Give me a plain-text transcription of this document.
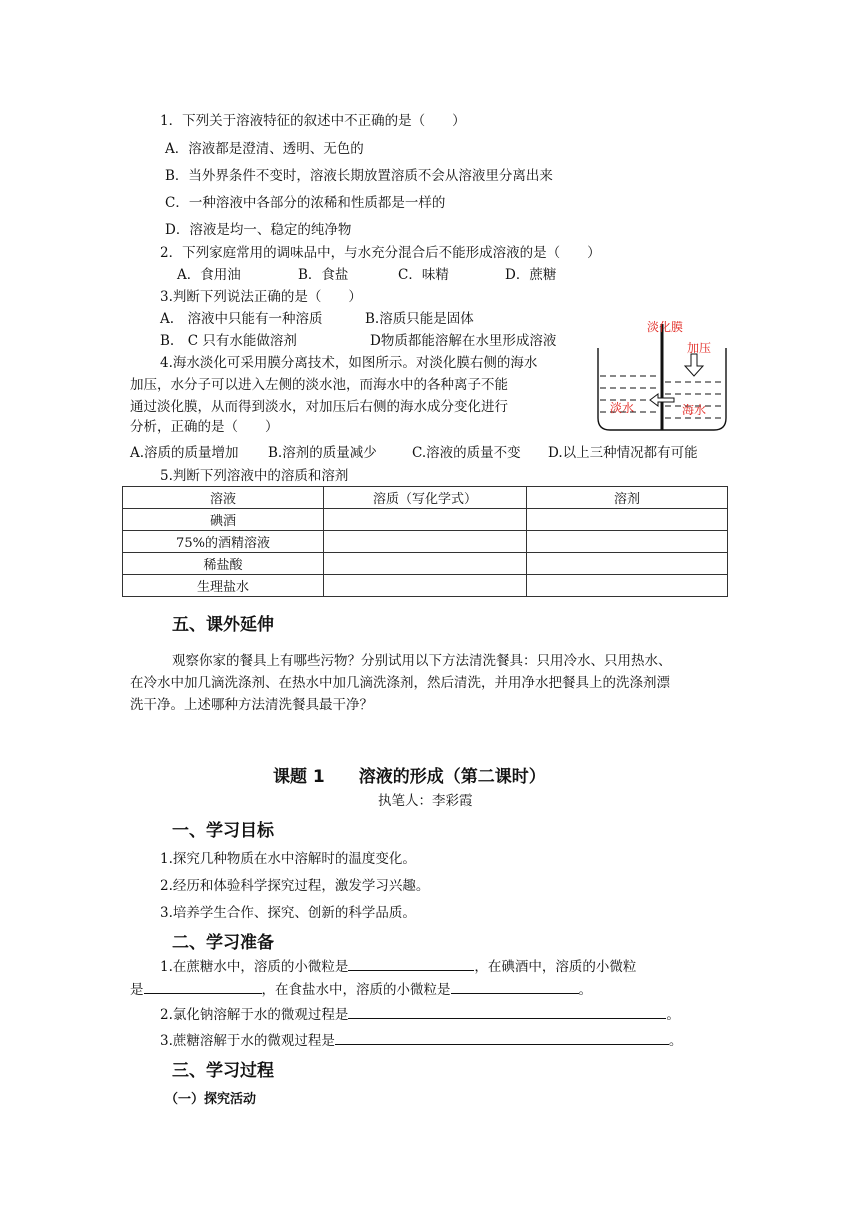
1．下列关于溶液特征的叙述中不正确的是（　　）
A．溶液都是澄清、透明、无色的
B．当外界条件不变时，溶液长期放置溶质不会从溶液里分离出来
C．一种溶液中各部分的浓稀和性质都是一样的
D．溶液是均一、稳定的纯净物
2．下列家庭常用的调味品中，与水充分混合后不能形成溶液的是（　　）
A．食用油	B．食盐	C．味精	D．蔗糖
3.判断下列说法正确的是（　　）
A.　溶液中只能有一种溶质	B.溶质只能是固体
B.　C 只有水能做溶剂	D物质都能溶解在水里形成溶液
4.海水淡化可采用膜分离技术，如图所示。对淡化膜右侧的海水
加压，水分子可以进入左侧的淡水池，而海水中的各种离子不能
通过淡化膜，从而得到淡水，对加压后右侧的海水成分变化进行
分析，正确的是（　　）
A.溶质的质量增加 B.溶剂的质量减少	C.溶液的质量不变 D.以上三种情况都有可能
淡化膜
加压
淡水	海水
5.判断下列溶液中的溶质和溶剂
溶液	溶质（写化学式）	溶剂
碘酒		
75%的酒精溶液		
稀盐酸		
生理盐水		
五、课外延伸
观察你家的餐具上有哪些污物？分别试用以下方法清洗餐具：只用冷水、只用热水、
在冷水中加几滴洗涤剂、在热水中加几滴洗涤剂，然后清洗，并用净水把餐具上的洗涤剂漂
洗干净。上述哪种方法清洗餐具最干净？
课题 1　　溶液的形成（第二课时）
执笔人：李彩霞
一、学习目标
1.探究几种物质在水中溶解时的温度变化。
2.经历和体验科学探究过程，激发学习兴趣。
3.培养学生合作、探究、创新的科学品质。
二、学习准备
1.在蔗糖水中，溶质的小微粒是	，在碘酒中，溶质的小微粒
是	，在食盐水中，溶质的小微粒是	。
2.氯化钠溶解于水的微观过程是	。
3.蔗糖溶解于水的微观过程是	。
三、学习过程
（一）探究活动
